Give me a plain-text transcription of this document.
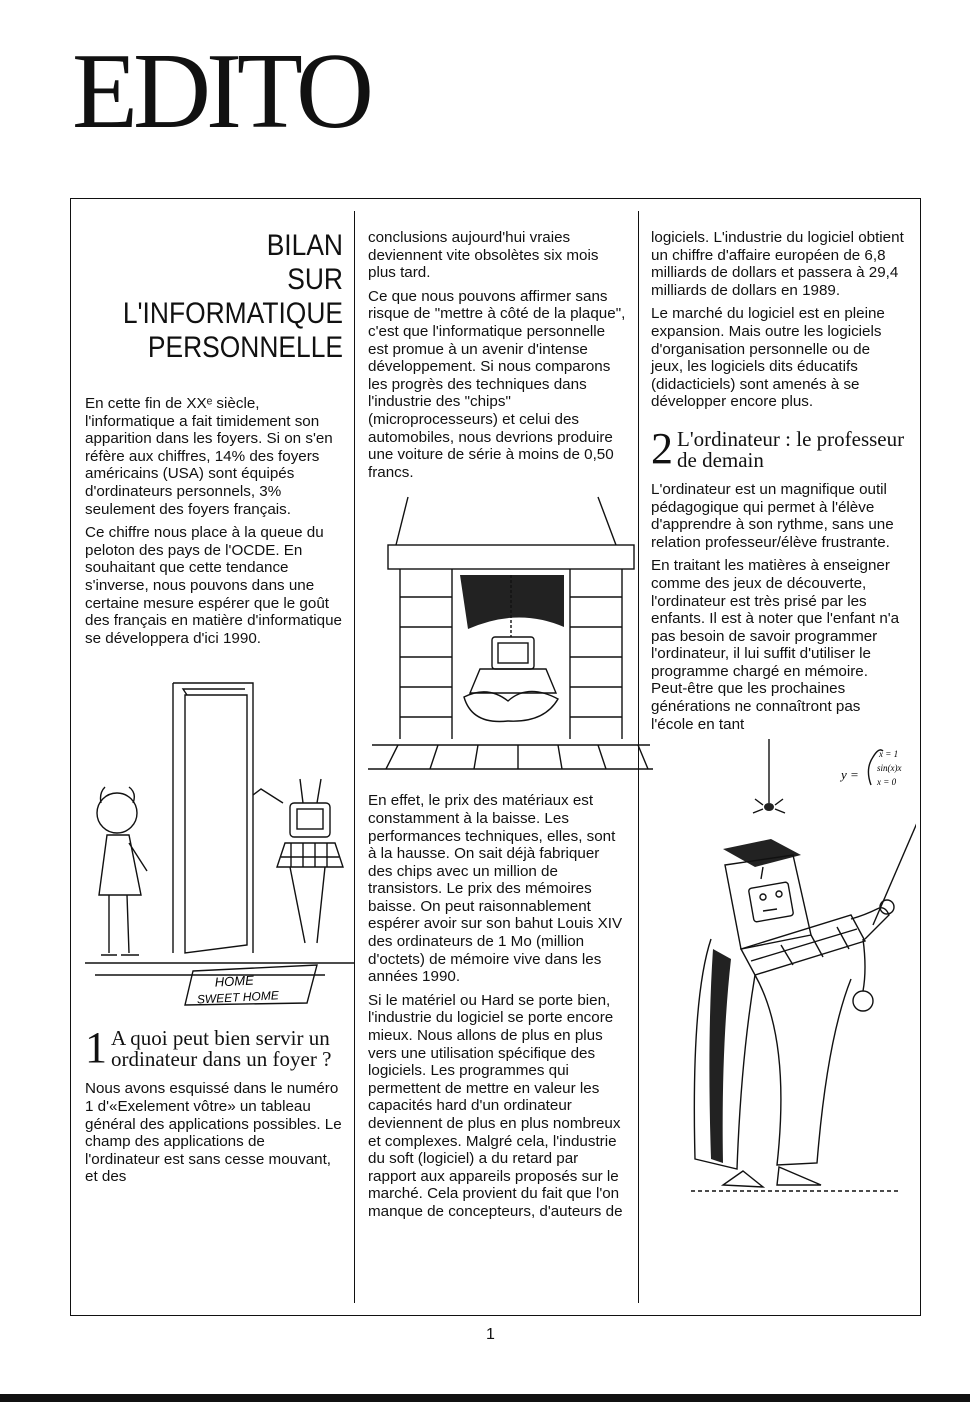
EDITO
BILAN
SUR
L'INFORMATIQUE
PERSONNELLE

En cette fin de XXᵉ siècle, l'informatique a fait timidement son apparition dans les foyers. Si on s'en réfère aux chiffres, 14% des foyers américains (USA) sont équipés d'ordinateurs personnels, 3% seulement des foyers français.

Ce chiffre nous place à la queue du peloton des pays de l'OCDE. En souhaitant que cette tendance s'inverse, nous pouvons dans une certaine mesure espérer que le goût des français en matière d'informatique se développera d'ici 1990.

HOME
SWEET HOME
1 A quoi peut bien servir un ordinateur dans un foyer ?

Nous avons esquissé dans le numéro 1 d'«Exelement vôtre» un tableau général des applications possibles. Le champ des applications de l'ordinateur est sans cesse mouvant, et des

conclusions aujourd'hui vraies deviennent vite obsolètes six mois plus tard.

Ce que nous pouvons affirmer sans risque de "mettre à côté de la plaque", c'est que l'informatique personnelle est promue à un avenir d'intense développement. Si nous comparons les progrès des techniques dans l'industrie des "chips" (microprocesseurs) et celui des automobiles, nous devrions produire une voiture de série à moins de 0,50 francs.

En effet, le prix des matériaux est constamment à la baisse. Les performances techniques, elles, sont à la hausse. On sait déjà fabriquer des chips avec un million de transistors. Le prix des mémoires baisse. On peut raisonnablement espérer avoir sur son bahut Louis XIV des ordinateurs de 1 Mo (million d'octets) de mémoire vive dans les années 1990.

Si le matériel ou Hard se porte bien, l'industrie du logiciel se porte encore mieux. Nous allons de plus en plus vers une utilisation spécifique des logiciels. Les programmes qui permettent de mettre en valeur les capacités hard d'un ordinateur deviennent de plus en plus nombreux et complexes. Malgré cela, l'industrie du soft (logiciel) a du retard par rapport aux appareils proposés sur le marché. Cela provient du fait que l'on manque de concepteurs, d'auteurs de

logiciels. L'industrie du logiciel obtient un chiffre d'affaire européen de 6,8 milliards de dollars et passera à 29,4 milliards de dollars en 1989.

Le marché du logiciel est en pleine expansion. Mais outre les logiciels d'organisation personnelle ou de jeux, les logiciels dits éducatifs (didacticiels) sont amenés à se développer encore plus.

2 L'ordinateur : le professeur de demain

L'ordinateur est un magnifique outil pédagogique qui permet à l'élève d'apprendre à son rythme, sans une relation professeur/élève frustrante.

En traitant les matières à enseigner comme des jeux de découverte, l'ordinateur est très prisé par les enfants. Il est à noter que l'enfant n'a pas besoin de savoir programmer l'ordinateur, il lui suffit d'utiliser le programme chargé en mémoire. Peut-être que les prochaines générations ne connaîtront pas l'école en tant

y =
x = 1
sin(x)x
x = 0
1
